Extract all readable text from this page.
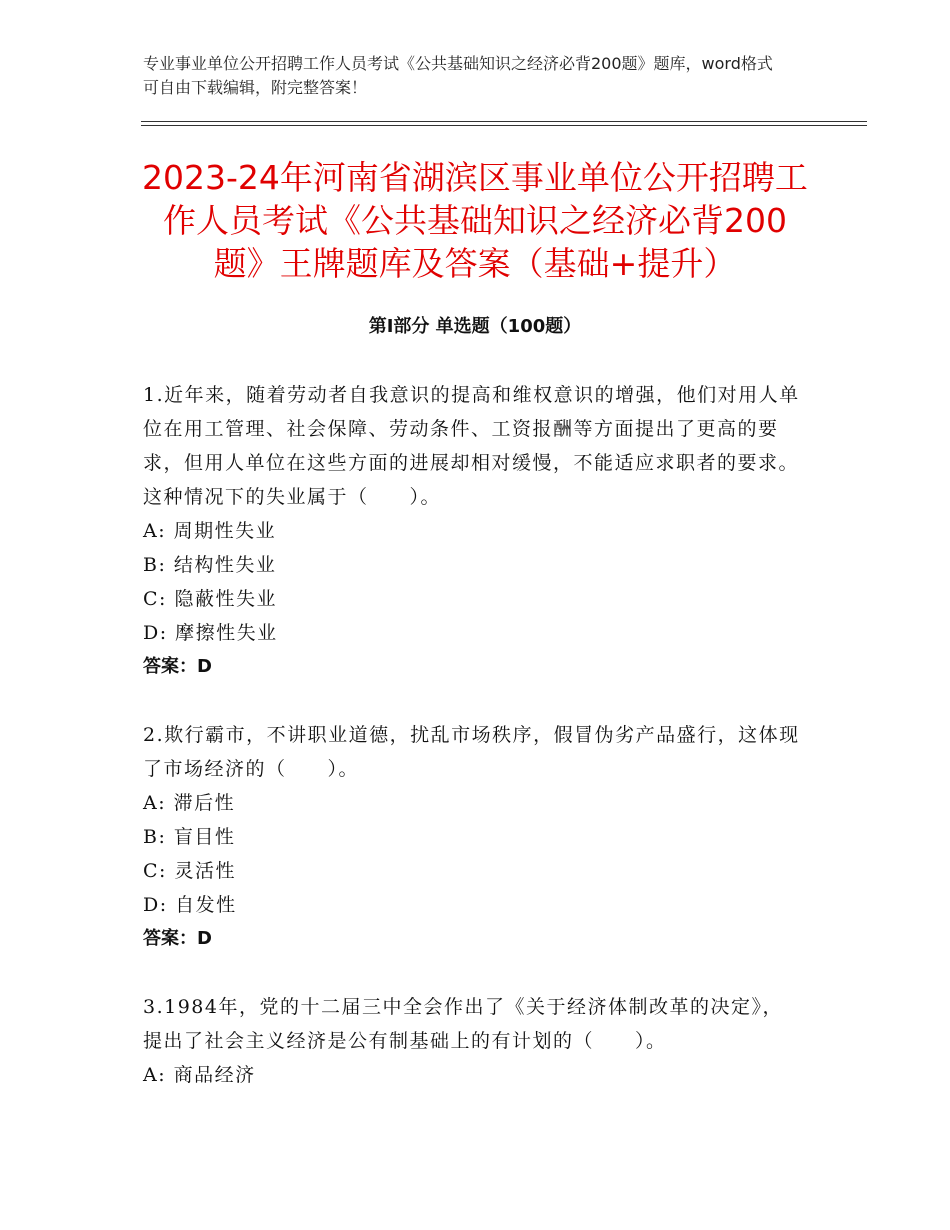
专业事业单位公开招聘工作人员考试《公共基础知识之经济必背200题》题库，word格式可自由下载编辑，附完整答案！

2023-24年河南省湖滨区事业单位公开招聘工作人员考试《公共基础知识之经济必背200题》王牌题库及答案（基础+提升）
第Ⅰ部分 单选题（100题）

1.近年来，随着劳动者自我意识的提高和维权意识的增强，他们对用人单位在用工管理、社会保障、劳动条件、工资报酬等方面提出了更高的要求，但用人单位在这些方面的进展却相对缓慢，不能适应求职者的要求。这种情况下的失业属于（　　）。

A: 周期性失业

B: 结构性失业

C: 隐蔽性失业

D: 摩擦性失业

答案：D

2.欺行霸市，不讲职业道德，扰乱市场秩序，假冒伪劣产品盛行，这体现了市场经济的（　　）。

A: 滞后性

B: 盲目性

C: 灵活性

D: 自发性

答案：D

3.1984年，党的十二届三中全会作出了《关于经济体制改革的决定》，提出了社会主义经济是公有制基础上的有计划的（　　）。

A: 商品经济
